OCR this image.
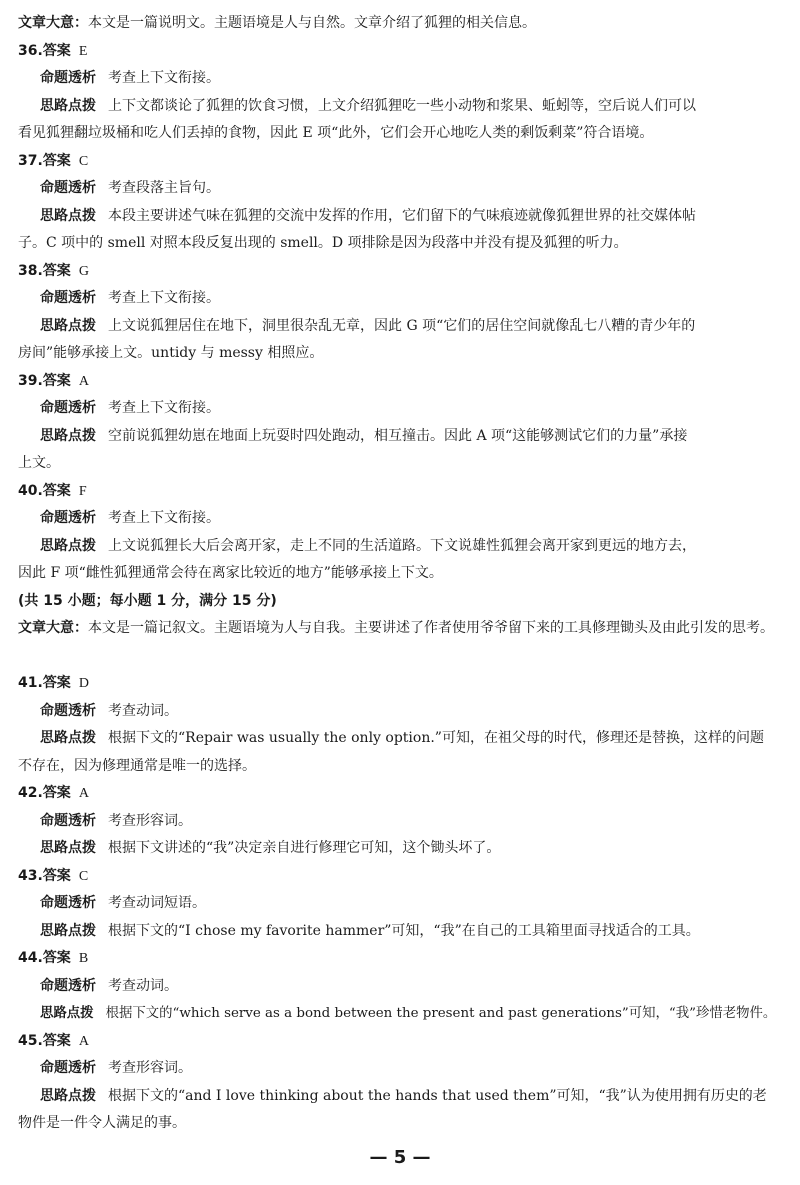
文章大意：本文是一篇说明文。主题语境是人与自然。文章介绍了狐狸的相关信息。
36.答案 E
命题透析 考查上下文衔接。
思路点拨 上下文都谈论了狐狸的饮食习惯，上文介绍狐狸吃一些小动物和浆果、蚯蚓等，空后说人们可以
看见狐狸翻垃圾桶和吃人们丢掉的食物，因此 E 项“此外，它们会开心地吃人类的剩饭剩菜”符合语境。
37.答案 C
命题透析 考查段落主旨句。
思路点拨 本段主要讲述气味在狐狸的交流中发挥的作用，它们留下的气味痕迹就像狐狸世界的社交媒体帖
子。C 项中的 smell 对照本段反复出现的 smell。D 项排除是因为段落中并没有提及狐狸的听力。
38.答案 G
命题透析 考查上下文衔接。
思路点拨 上文说狐狸居住在地下，洞里很杂乱无章，因此 G 项“它们的居住空间就像乱七八糟的青少年的
房间”能够承接上文。untidy 与 messy 相照应。
39.答案 A
命题透析 考查上下文衔接。
思路点拨 空前说狐狸幼崽在地面上玩耍时四处跑动，相互撞击。因此 A 项“这能够测试它们的力量”承接
上文。
40.答案 F
命题透析 考查上下文衔接。
思路点拨 上文说狐狸长大后会离开家，走上不同的生活道路。下文说雄性狐狸会离开家到更远的地方去，
因此 F 项“雌性狐狸通常会待在离家比较近的地方”能够承接上下文。
(共 15 小题；每小题 1 分，满分 15 分)
文章大意：本文是一篇记叙文。主题语境为人与自我。主要讲述了作者使用爷爷留下来的工具修理锄头及由此引发的思考。
41.答案 D
命题透析 考查动词。
思路点拨 根据下文的“Repair was usually the only option.”可知，在祖父母的时代，修理还是替换，这样的问题
不存在，因为修理通常是唯一的选择。
42.答案 A
命题透析 考查形容词。
思路点拨 根据下文讲述的“我”决定亲自进行修理它可知，这个锄头坏了。
43.答案 C
命题透析 考查动词短语。
思路点拨 根据下文的“I chose my favorite hammer”可知，“我”在自己的工具箱里面寻找适合的工具。
44.答案 B
命题透析 考查动词。
思路点拨 根据下文的“which serve as a bond between the present and past generations”可知，“我”珍惜老物件。
45.答案 A
命题透析 考查形容词。
思路点拨 根据下文的“and I love thinking about the hands that used them”可知，“我”认为使用拥有历史的老
物件是一件令人满足的事。
— 5 —
